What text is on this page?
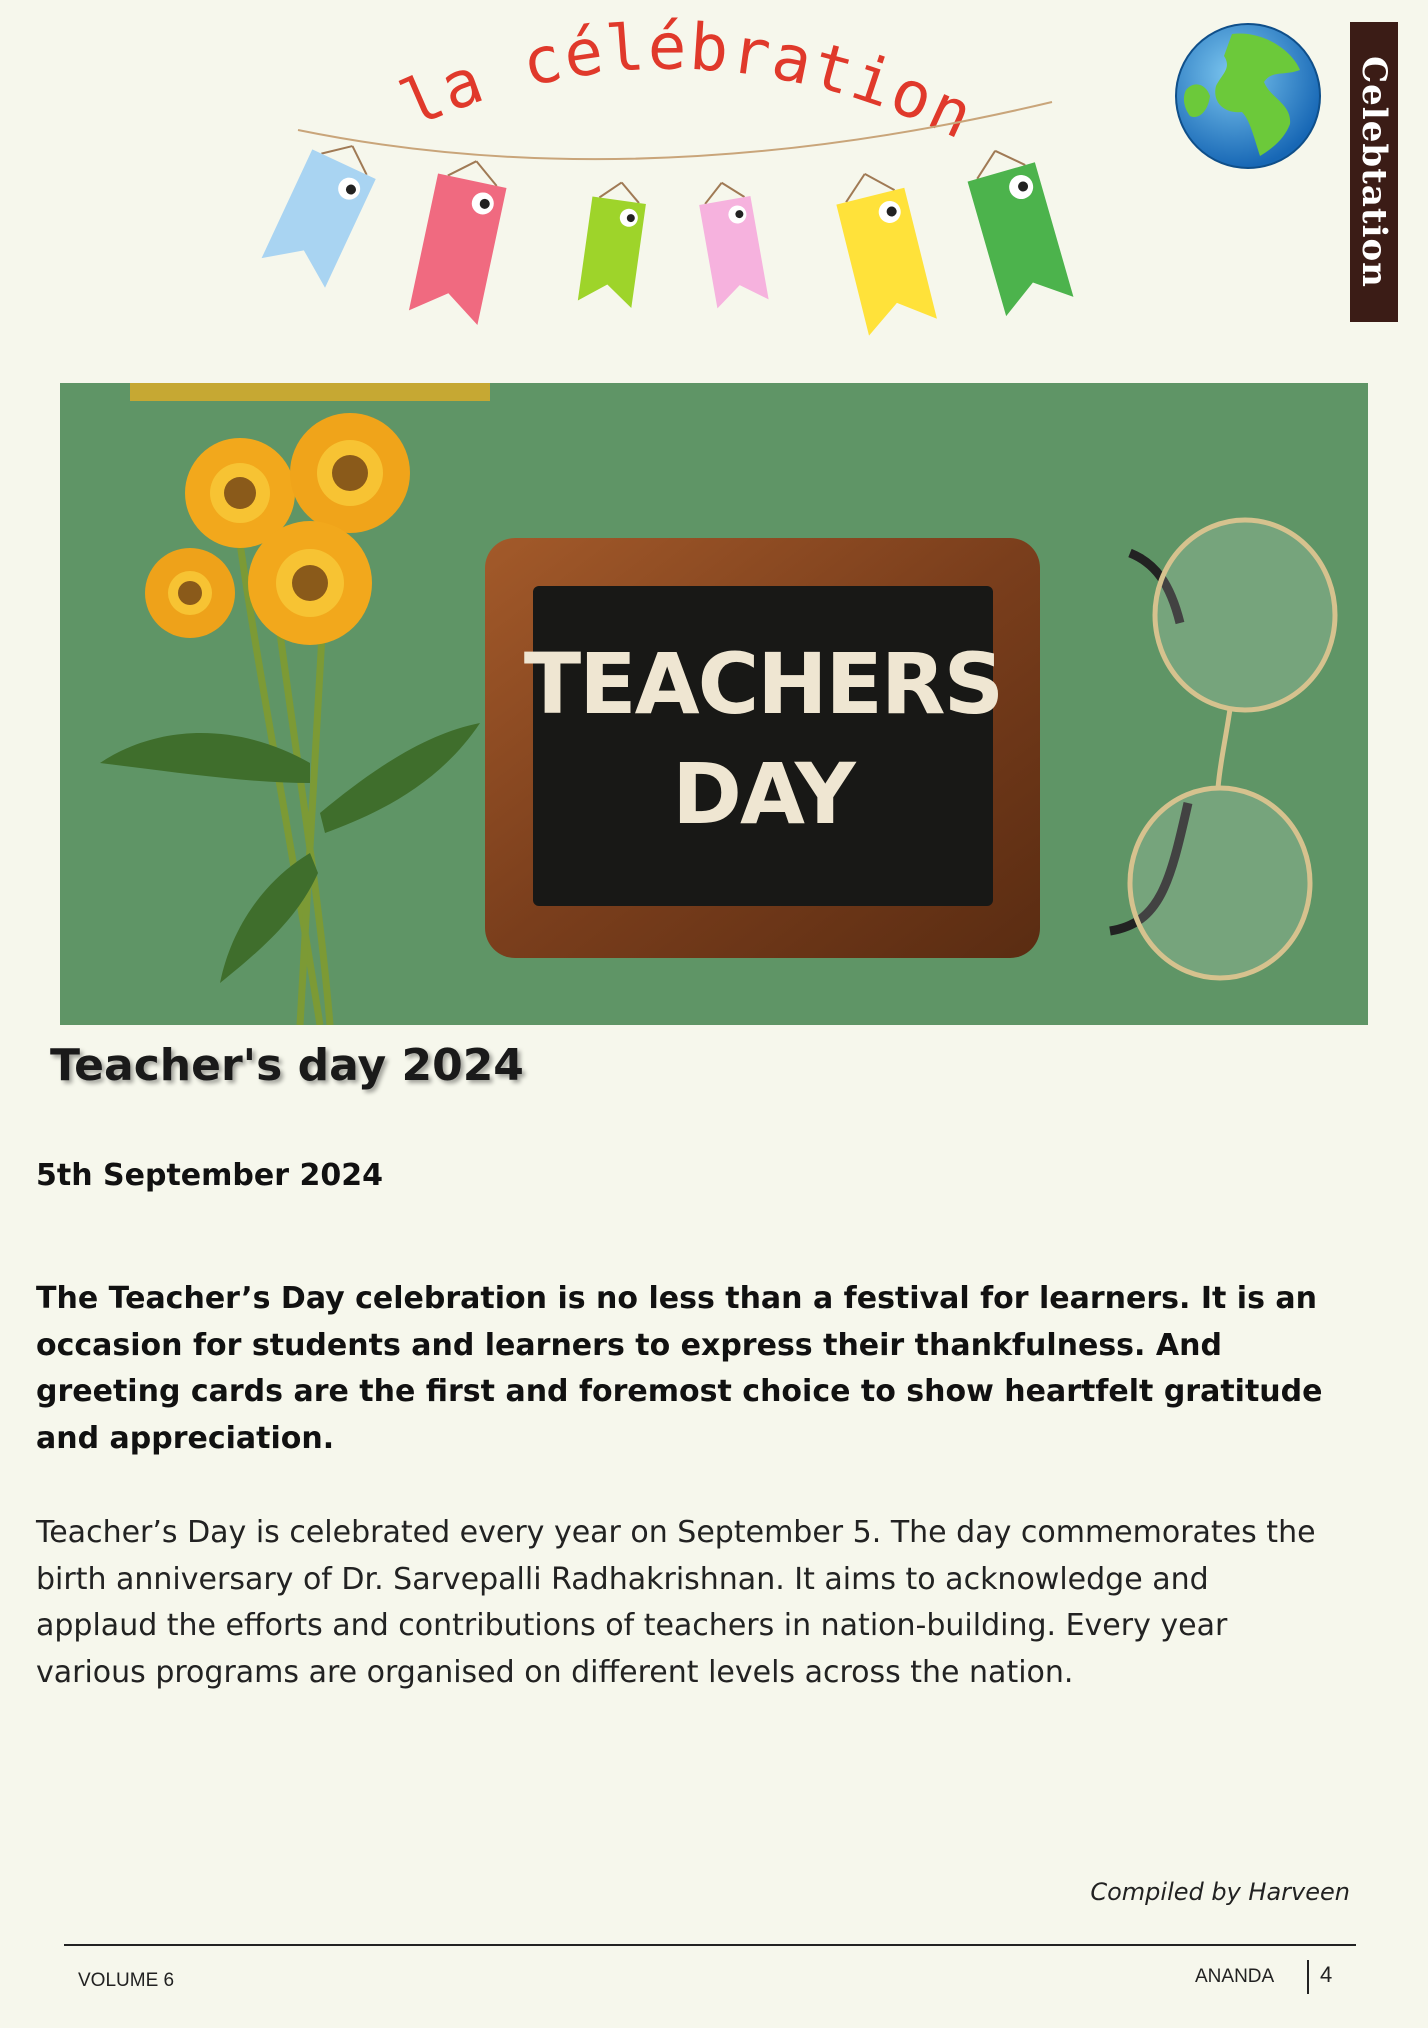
la célébration	Celebtation
TEACHERS
DAY
Teacher's day 2024
5th September 2024

The Teacher’s Day celebration is no less than a festival for learners. It is an occasion for students and learners to express their thankfulness. And greeting cards are the first and foremost choice to show heartfelt gratitude and appreciation.

Teacher’s Day is celebrated every year on September 5. The day commemorates the birth anniversary of Dr. Sarvepalli Radhakrishnan. It aims to acknowledge and applaud the efforts and contributions of teachers in nation-building. Every year various programs are organised on different levels across the nation.

Compiled by Harveen
VOLUME 6	ANANDA 4
